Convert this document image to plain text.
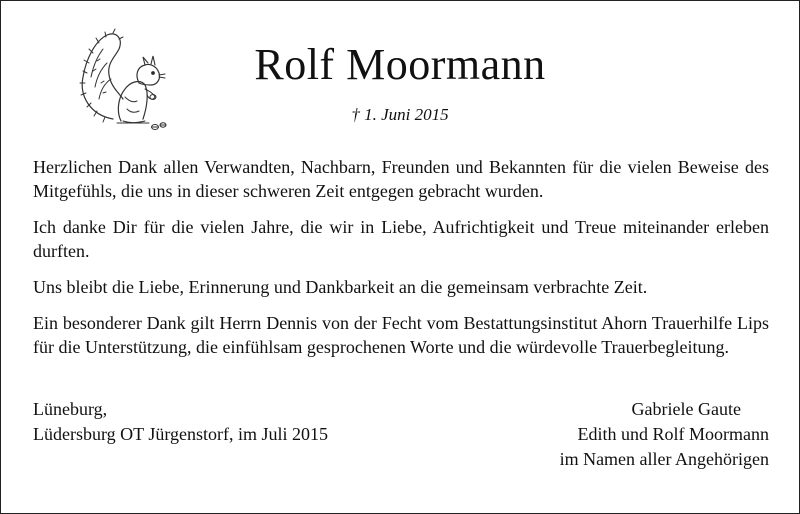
Rolf Moormann
† 1. Juni 2015

Herzlichen Dank allen Verwandten, Nachbarn, Freunden und Bekannten für die vielen Beweise des Mitgefühls, die uns in dieser schweren Zeit entgegen gebracht wurden.

Ich danke Dir für die vielen Jahre, die wir in Liebe, Aufrichtigkeit und Treue miteinander erleben durften.

Uns bleibt die Liebe, Erinnerung und Dankbarkeit an die gemeinsam verbrachte Zeit.

Ein besonderer Dank gilt Herrn Dennis von der Fecht vom Bestattungsinstitut Ahorn Trauerhilfe Lips für die Unterstützung, die einfühlsam gesprochenen Worte und die würdevolle Trauerbegleitung.

Lüneburg,
Lüdersburg OT Jürgenstorf, im Juli 2015
Gabriele Gaute
Edith und Rolf Moormann
im Namen aller Angehörigen
